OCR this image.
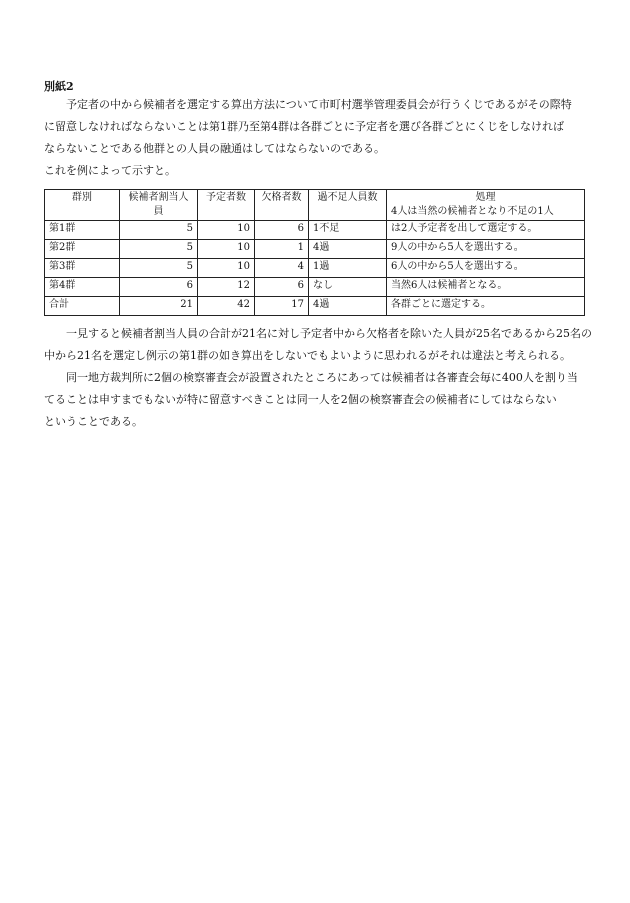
別紙2
予定者の中から候補者を選定する算出方法について市町村選挙管理委員会が行うくじであるがその際特
に留意しなければならないことは第1群乃至第4群は各群ごとに予定者を選び各群ごとにくじをしなければ
ならないことである他群との人員の融通はしてはならないのである。
これを例によって示すと。
群別	候補者割当人員	予定者数	欠格者数	過不足人員数	処理
4人は当然の候補者となり不足の1人

第1群	5	10	6	1不足	は2人予定者を出して選定する。
第2群	5	10	1	4過	9人の中から5人を選出する。
第3群	5	10	4	1過	6人の中から5人を選出する。
第4群	6	12	6	なし	当然6人は候補者となる。
合計	21	42	17	4過	各群ごとに選定する。
一見すると候補者割当人員の合計が21名に対し予定者中から欠格者を除いた人員が25名であるから25名の
中から21名を選定し例示の第1群の如き算出をしないでもよいように思われるがそれは違法と考えられる。
同一地方裁判所に2個の検察審査会が設置されたところにあっては候補者は各審査会毎に400人を割り当
てることは申すまでもないが特に留意すべきことは同一人を2個の検察審査会の候補者にしてはならない
ということである。
